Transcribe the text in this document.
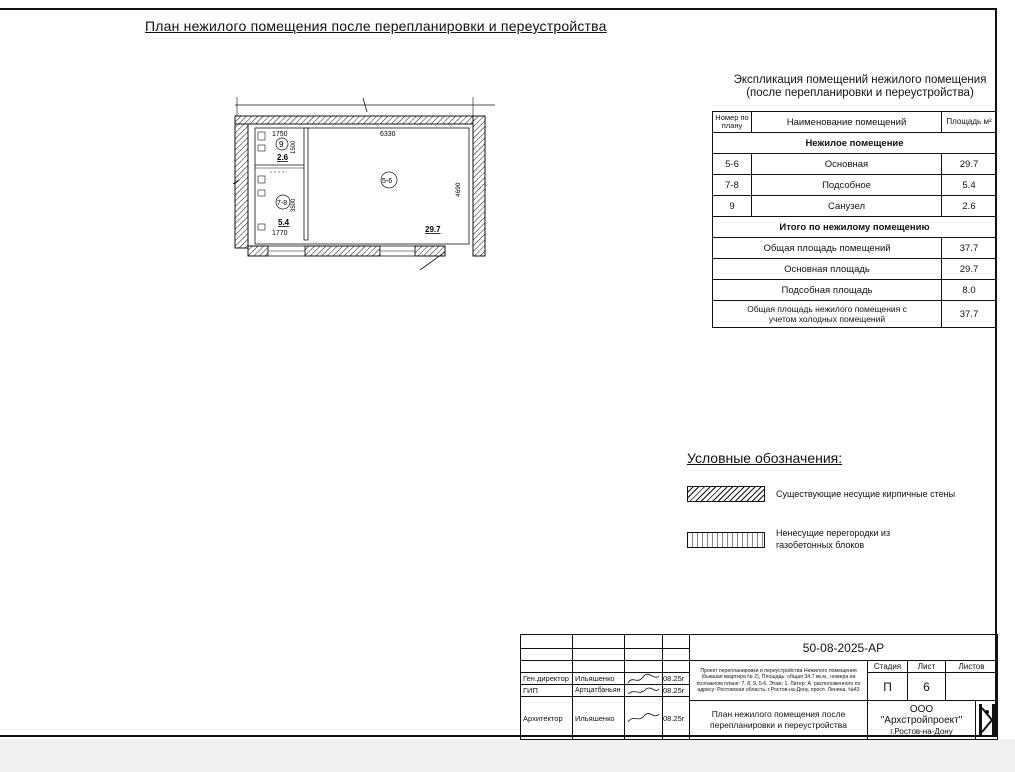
План нежилого помещения после перепланировки и переустройства
1750	6330
1770
1500
3500
4690
9
2.6
7-8
5.4
5-6
29.7
Экспликация помещений нежилого помещения
(после перепланировки и переустройства)
Номер по плану	Наименование помещений	Площадь м²
Нежилое помещение		
5-6	Основная	29.7
7-8	Подсобное	5.4
9	Санузел	2.6
Итого по нежилому помещению		
Общая площадь помещений		37.7
Основная площадь		29.7
Подсобная площадь		8.0
Общая площадь нежилого помещения с учетом холодных помещений		37.7
Условные обозначения:
Существующие несущие кирпичные стены
Ненесущие перегородки из
газобетонных блоков
Ген.директор Ильяшенко	08.25г
ГИП	Артцатбаньян	08.25г
Архитектор	Ильяшенко	08.25г
50-08-2025-АР
Проект перепланировки и переустройства Нежилого помещения (бывшая квартира № 2), Площадь: общая 34.7 кв.м., номера на поэтажном плане: 7, 8, 9, 5-6. Этаж: 1. Литер: А. расположенного по адресу: Ростовская область, г.Ростов-на-Дону, просп. Ленина, №43
Стадия	Лист	Листов
П	6
План нежилого помещения после перепланировки и переустройства
ООО
"Архстройпроект"
г.Ростов-на-Дону
